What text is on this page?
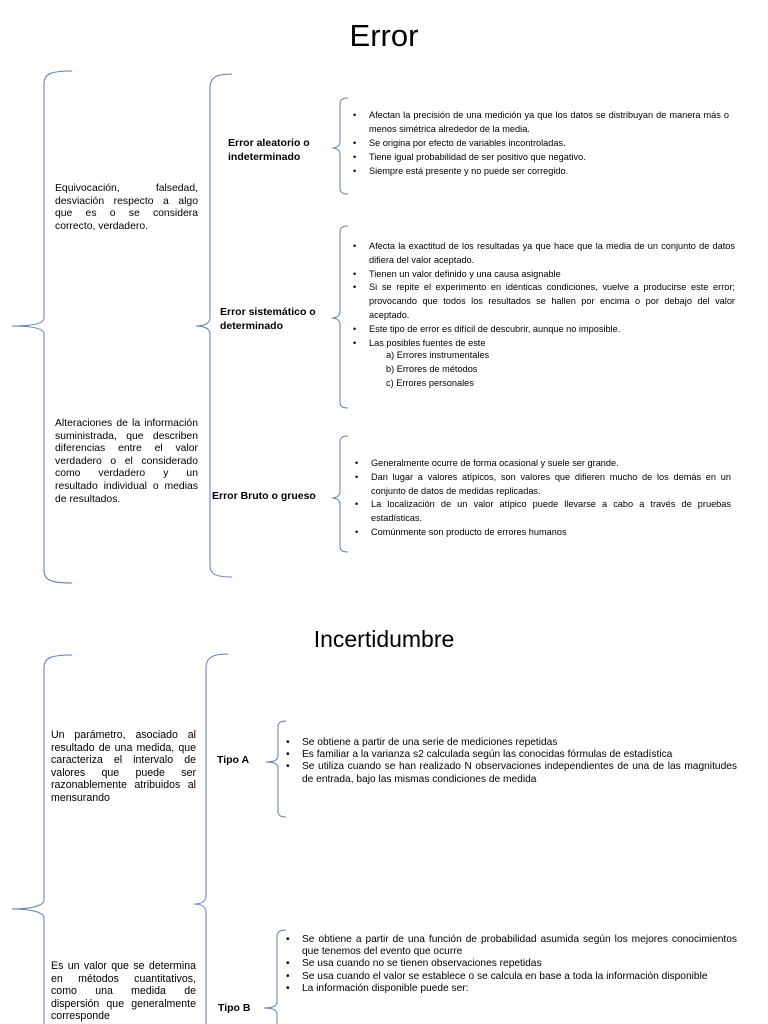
Error
Equivocación, falsedad, desviación respecto a algo que es o se considera correcto, verdadero.
Alteraciones de la información suministrada, que describen diferencias entre el valor verdadero o el considerado como verdadero y un resultado individual o medias de resultados.
Error aleatorio o
indeterminado
Error sistemático o
determinado
Error Bruto o grueso
• Afectan la precisión de una medición ya que los datos se distribuyan de manera más o menos simétrica alrededor de la media.
• Se origina por efecto de variables incontroladas.
• Tiene igual probabilidad de ser positivo que negativo.
• Siempre está presente y no puede ser corregido.
• Afecta la exactitud de los resultadas ya que hace que la media de un conjunto de datos difiera del valor aceptado.
• Tienen un valor definido y una causa asignable
• Si se repite el experimento en idénticas condiciones, vuelve a producirse este error; provocando que todos los resultados se hallen por encima o por debajo del valor aceptado.
• Este tipo de error es difícil de descubrir, aunque no imposible.
• Las posibles fuentes de este
a) Errores instrumentales
b) Errores de métodos
c) Errores personales
• Generalmente ocurre de forma ocasional y suele ser grande.
• Dan lugar a valores atípicos, son valores que difieren mucho de los demás en un conjunto de datos de medidas replicadas.
• La localización de un valor atípico puede llevarse a cabo a través de pruebas estadísticas.
• Comúnmente son producto de errores humanos
Incertidumbre
Un parámetro, asociado al resultado de una medida, que caracteriza el intervalo de valores que puede ser razonablemente atribuidos al mensurando
Es un valor que se determina en métodos cuantitativos, como una medida de dispersión que generalmente corresponde
Tipo A
Tipo B
• Se obtiene a partir de una serie de mediciones repetidas
• Es familiar a la varianza s2 calculada según las conocidas fórmulas de estadística
• Se utiliza cuando se han realizado N observaciones independientes de una de las magnitudes de entrada, bajo las mismas condiciones de medida
• Se obtiene a partir de una función de probabilidad asumida según los mejores conocimientos que tenemos del evento que ocurre
• Se usa cuando no se tienen observaciones repetidas
• Se usa cuando el valor se establece o se calcula en base a toda la información disponible
• La información disponible puede ser:
